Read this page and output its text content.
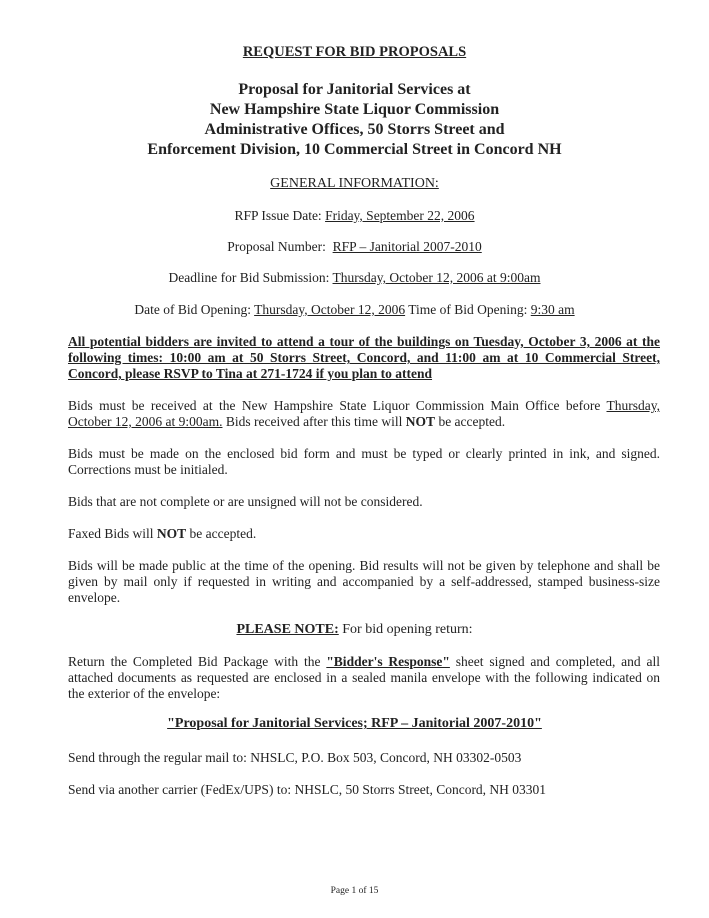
REQUEST FOR BID PROPOSALS
Proposal for Janitorial Services at
New Hampshire State Liquor Commission
Administrative Offices, 50 Storrs Street and
Enforcement Division, 10 Commercial Street in Concord NH
GENERAL INFORMATION:
RFP Issue Date: Friday, September 22, 2006
Proposal Number: RFP – Janitorial 2007-2010
Deadline for Bid Submission: Thursday, October 12, 2006 at 9:00am
Date of Bid Opening: Thursday, October 12, 2006 Time of Bid Opening: 9:30 am

All potential bidders are invited to attend a tour of the buildings on Tuesday, October 3, 2006 at the following times: 10:00 am at 50 Storrs Street, Concord, and 11:00 am at 10 Commercial Street, Concord, please RSVP to Tina at 271-1724 if you plan to attend

Bids must be received at the New Hampshire State Liquor Commission Main Office before Thursday, October 12, 2006 at 9:00am. Bids received after this time will NOT be accepted.

Bids must be made on the enclosed bid form and must be typed or clearly printed in ink, and signed. Corrections must be initialed.

Bids that are not complete or are unsigned will not be considered.

Faxed Bids will NOT be accepted.

Bids will be made public at the time of the opening. Bid results will not be given by telephone and shall be given by mail only if requested in writing and accompanied by a self-addressed, stamped business-size envelope.

PLEASE NOTE: For bid opening return:

Return the Completed Bid Package with the "Bidder's Response" sheet signed and completed, and all attached documents as requested are enclosed in a sealed manila envelope with the following indicated on the exterior of the envelope:

"Proposal for Janitorial Services; RFP – Janitorial 2007-2010"
Send through the regular mail to: NHSLC, P.O. Box 503, Concord, NH 03302-0503
Send via another carrier (FedEx/UPS) to: NHSLC, 50 Storrs Street, Concord, NH 03301
Page 1 of 15
